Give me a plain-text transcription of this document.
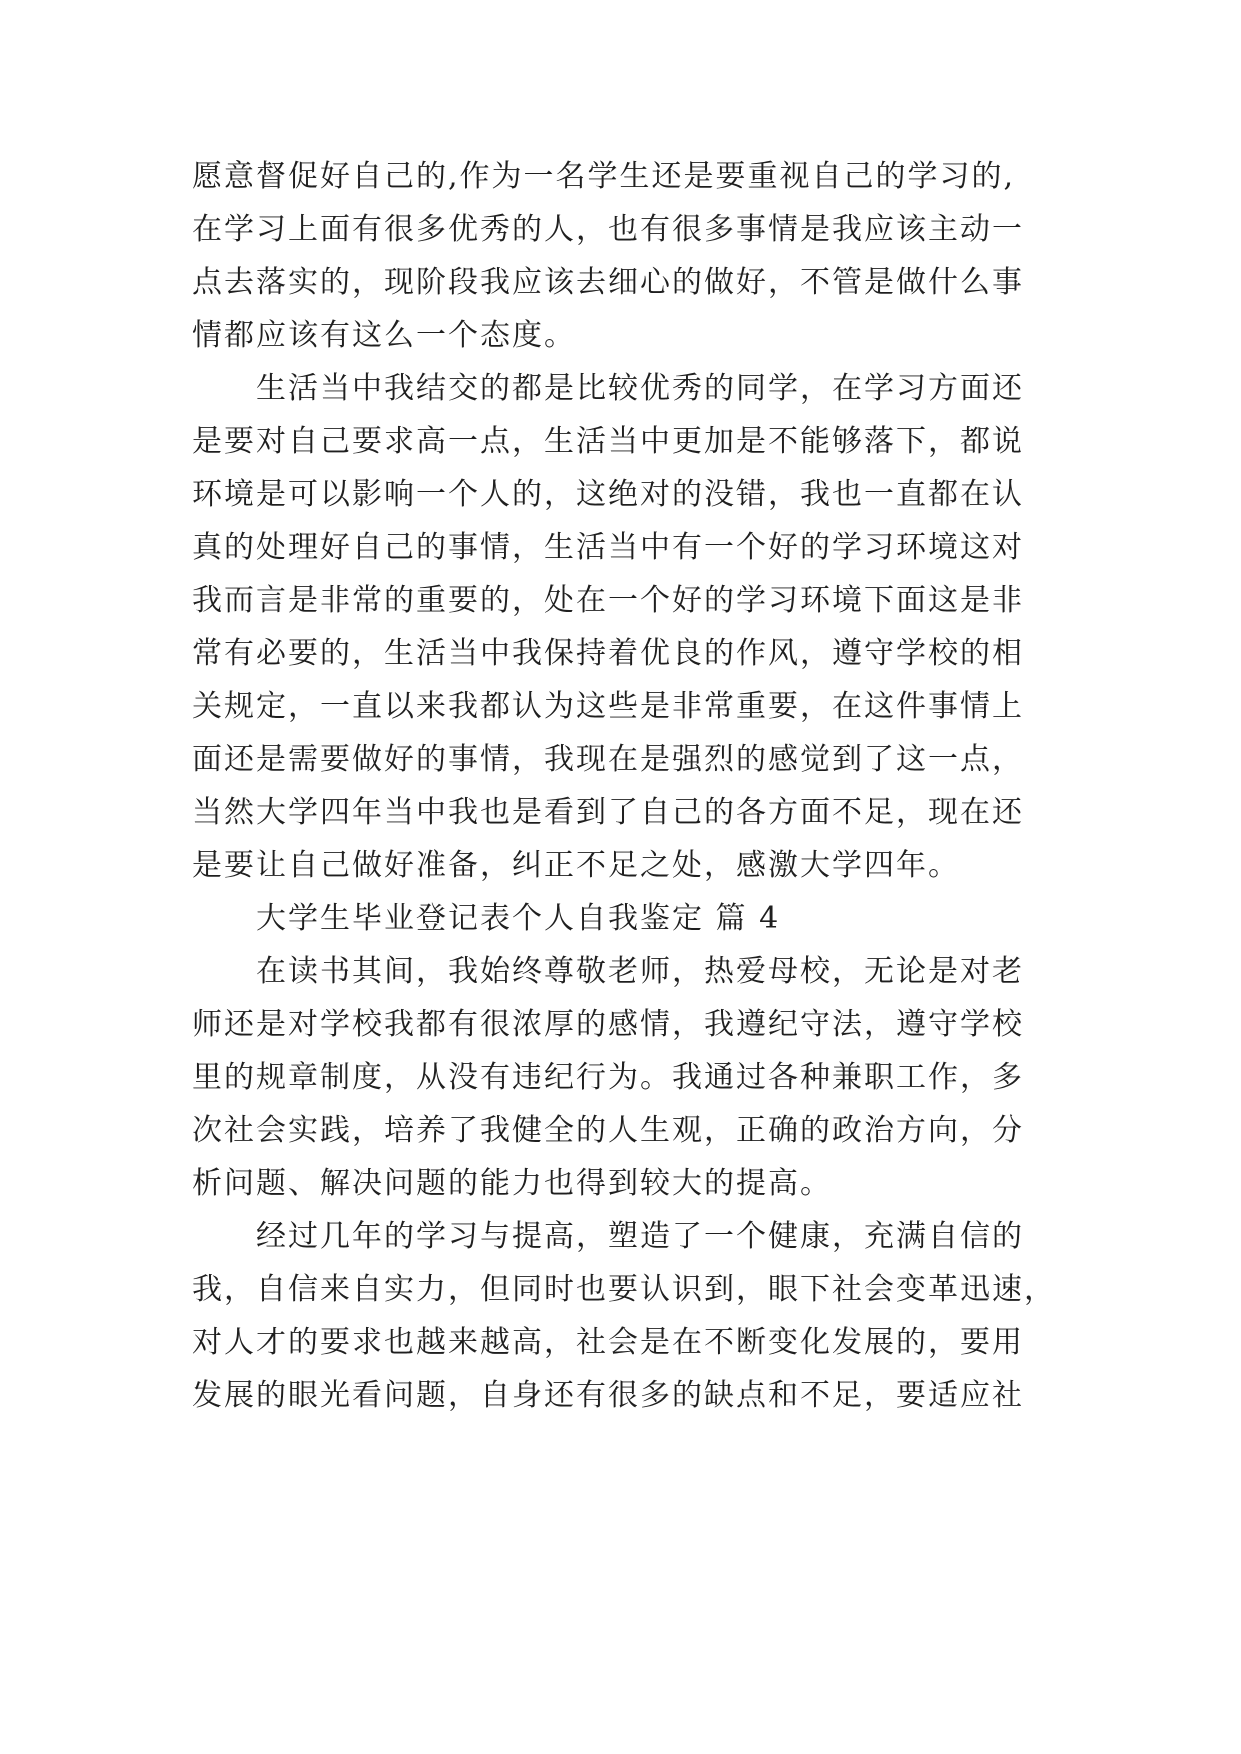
愿意督促好自己的,作为一名学生还是要重视自己的学习的,
在学习上面有很多优秀的人，也有很多事情是我应该主动一
点去落实的，现阶段我应该去细心的做好，不管是做什么事
情都应该有这么一个态度。
生活当中我结交的都是比较优秀的同学，在学习方面还
是要对自己要求高一点，生活当中更加是不能够落下，都说
环境是可以影响一个人的，这绝对的没错，我也一直都在认
真的处理好自己的事情，生活当中有一个好的学习环境这对
我而言是非常的重要的，处在一个好的学习环境下面这是非
常有必要的，生活当中我保持着优良的作风，遵守学校的相
关规定，一直以来我都认为这些是非常重要，在这件事情上
面还是需要做好的事情，我现在是强烈的感觉到了这一点，
当然大学四年当中我也是看到了自己的各方面不足，现在还
是要让自己做好准备，纠正不足之处，感激大学四年。
大学生毕业登记表个人自我鉴定 篇 4
在读书其间，我始终尊敬老师，热爱母校，无论是对老
师还是对学校我都有很浓厚的感情，我遵纪守法，遵守学校
里的规章制度，从没有违纪行为。我通过各种兼职工作，多
次社会实践，培养了我健全的人生观，正确的政治方向，分
析问题、解决问题的能力也得到较大的提高。
经过几年的学习与提高，塑造了一个健康，充满自信的
我，自信来自实力，但同时也要认识到，眼下社会变革迅速，
对人才的要求也越来越高，社会是在不断变化发展的，要用
发展的眼光看问题，自身还有很多的缺点和不足，要适应社
